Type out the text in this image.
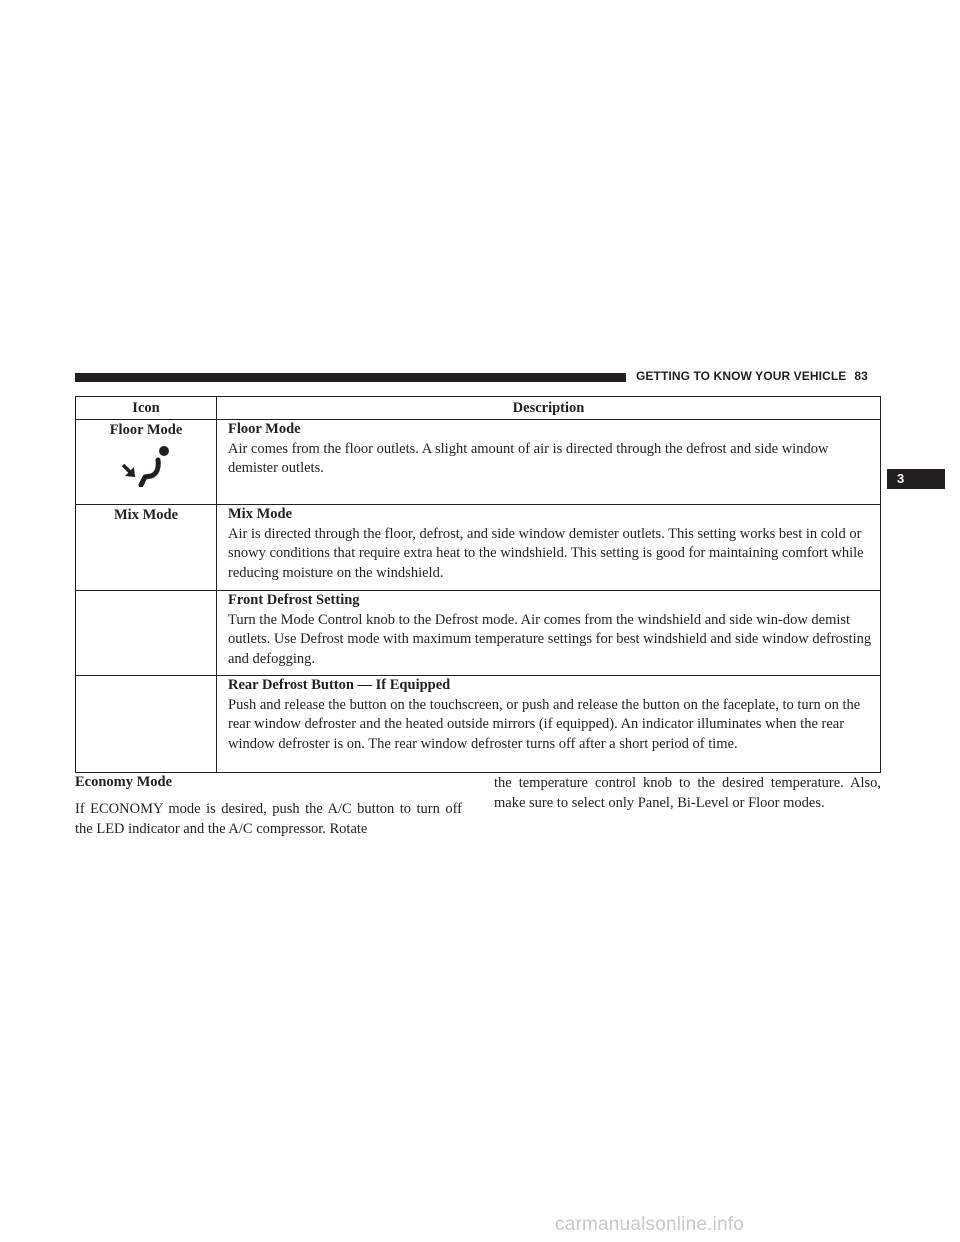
GETTING TO KNOW YOUR VEHICLE 83
3
Icon	Description

Floor Mode	Floor Mode
Air comes from the floor outlets. A slight amount of air is directed through the defrost and side window demister outlets.

Mix Mode	Mix Mode
Air is directed through the floor, defrost, and side window demister outlets. This setting works best in cold or snowy conditions that require extra heat to the windshield. This setting is good for maintaining comfort while reducing moisture on the windshield.

	Front Defrost Setting
Turn the Mode Control knob to the Defrost mode. Air comes from the windshield and side win-dow demist outlets. Use Defrost mode with maximum temperature settings for best windshield and side window defrosting and defogging.

	Rear Defrost Button — If Equipped
Push and release the button on the touchscreen, or push and release the button on the faceplate, to turn on the rear window defroster and the heated outside mirrors (if equipped). An indicator illuminates when the rear window defroster is on. The rear window defroster turns off after a short period of time.
Economy Mode

If ECONOMY mode is desired, push the A/C button to turn off the LED indicator and the A/C compressor. Rotate

the temperature control knob to the desired temperature. Also, make sure to select only Panel, Bi-Level or Floor modes.

carmanualsonline.info
